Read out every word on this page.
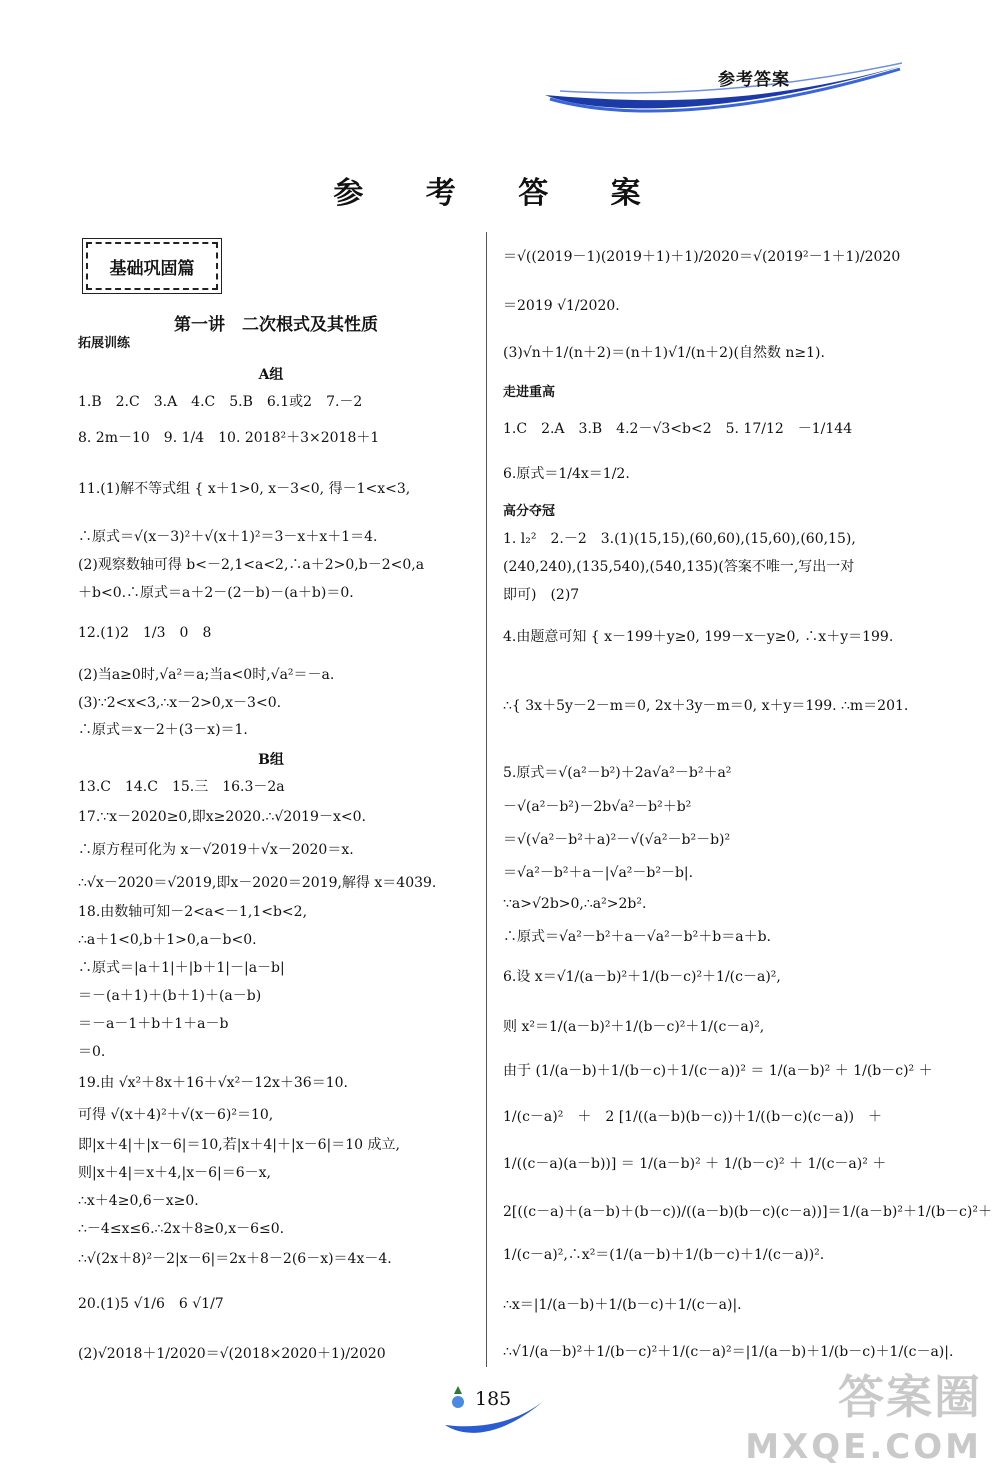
参考答案
参 考 答 案
基础巩固篇
第一讲　二次根式及其性质
拓展训练
A组
1.B　2.C　3.A　4.C　5.B　6.1或2　7.－2
8. 2m－10　9. 1/4　10. 2018²＋3×2018＋1
11.(1)解不等式组 { x＋1>0, x－3<0, 得－1<x<3,
∴原式＝√(x－3)²＋√(x＋1)²＝3－x＋x＋1＝4.
(2)观察数轴可得 b<－2,1<a<2,∴a＋2>0,b－2<0,a
＋b<0.∴原式＝a＋2－(2－b)－(a＋b)＝0.
12.(1)2　1/3　0　8
(2)当a≥0时,√a²＝a;当a<0时,√a²＝－a.
(3)∵2<x<3,∴x－2>0,x－3<0.
∴原式＝x－2＋(3－x)＝1.
B组
13.C　14.C　15.三　16.3－2a
17.∵x－2020≥0,即x≥2020.∴√2019－x<0.
∴原方程可化为 x－√2019＋√x－2020＝x.
∴√x－2020＝√2019,即x－2020＝2019,解得 x＝4039.
18.由数轴可知－2<a<－1,1<b<2,
∴a＋1<0,b＋1>0,a－b<0.
∴原式＝|a＋1|＋|b＋1|－|a－b|
＝－(a＋1)＋(b＋1)＋(a－b)
＝－a－1＋b＋1＋a－b
＝0.
19.由 √x²＋8x＋16＋√x²－12x＋36＝10.
可得 √(x＋4)²＋√(x－6)²＝10,
即|x＋4|＋|x－6|＝10,若|x＋4|＋|x－6|＝10 成立,
则|x＋4|＝x＋4,|x－6|＝6－x,
∴x＋4≥0,6－x≥0.
∴－4≤x≤6.∴2x＋8≥0,x－6≤0.
∴√(2x＋8)²－2|x－6|＝2x＋8－2(6－x)＝4x－4.
20.(1)5 √1/6　6 √1/7
(2)√2018＋1/2020＝√(2018×2020＋1)/2020
＝√((2019－1)(2019＋1)＋1)/2020＝√(2019²－1＋1)/2020
＝2019 √1/2020.
(3)√n＋1/(n＋2)＝(n＋1)√1/(n＋2)(自然数 n≥1).
走进重高
1.C　2.A　3.B　4.2－√3<b<2　5. 17/12　－1/144
6.原式＝1/4x＝1/2.
高分夺冠
1. l₂²　2.－2　3.(1)(15,15),(60,60),(15,60),(60,15),
(240,240),(135,540),(540,135)(答案不唯一,写出一对
即可)　(2)7
4.由题意可知 { x－199＋y≥0, 199－x－y≥0, ∴x＋y＝199.
∴{ 3x＋5y－2－m＝0, 2x＋3y－m＝0, x＋y＝199. ∴m＝201.
5.原式＝√(a²－b²)＋2a√a²－b²＋a²
－√(a²－b²)－2b√a²－b²＋b²
＝√(√a²－b²＋a)²－√(√a²－b²－b)²
＝√a²－b²＋a－|√a²－b²－b|.
∵a>√2b>0,∴a²>2b².
∴原式＝√a²－b²＋a－√a²－b²＋b＝a＋b.
6.设 x＝√1/(a－b)²＋1/(b－c)²＋1/(c－a)²,
则 x²＝1/(a－b)²＋1/(b－c)²＋1/(c－a)²,
由于 (1/(a－b)＋1/(b－c)＋1/(c－a))² ＝ 1/(a－b)² ＋ 1/(b－c)² ＋
1/(c－a)²　＋　2 [1/((a－b)(b－c))＋1/((b－c)(c－a))　＋
1/((c－a)(a－b))] ＝ 1/(a－b)² ＋ 1/(b－c)² ＋ 1/(c－a)² ＋
2[((c－a)＋(a－b)＋(b－c))/((a－b)(b－c)(c－a))]＝1/(a－b)²＋1/(b－c)²＋
1/(c－a)²,∴x²＝(1/(a－b)＋1/(b－c)＋1/(c－a))².
∴x＝|1/(a－b)＋1/(b－c)＋1/(c－a)|.
∴√1/(a－b)²＋1/(b－c)²＋1/(c－a)²＝|1/(a－b)＋1/(b－c)＋1/(c－a)|.
185	答案圈
MXQE.COM
